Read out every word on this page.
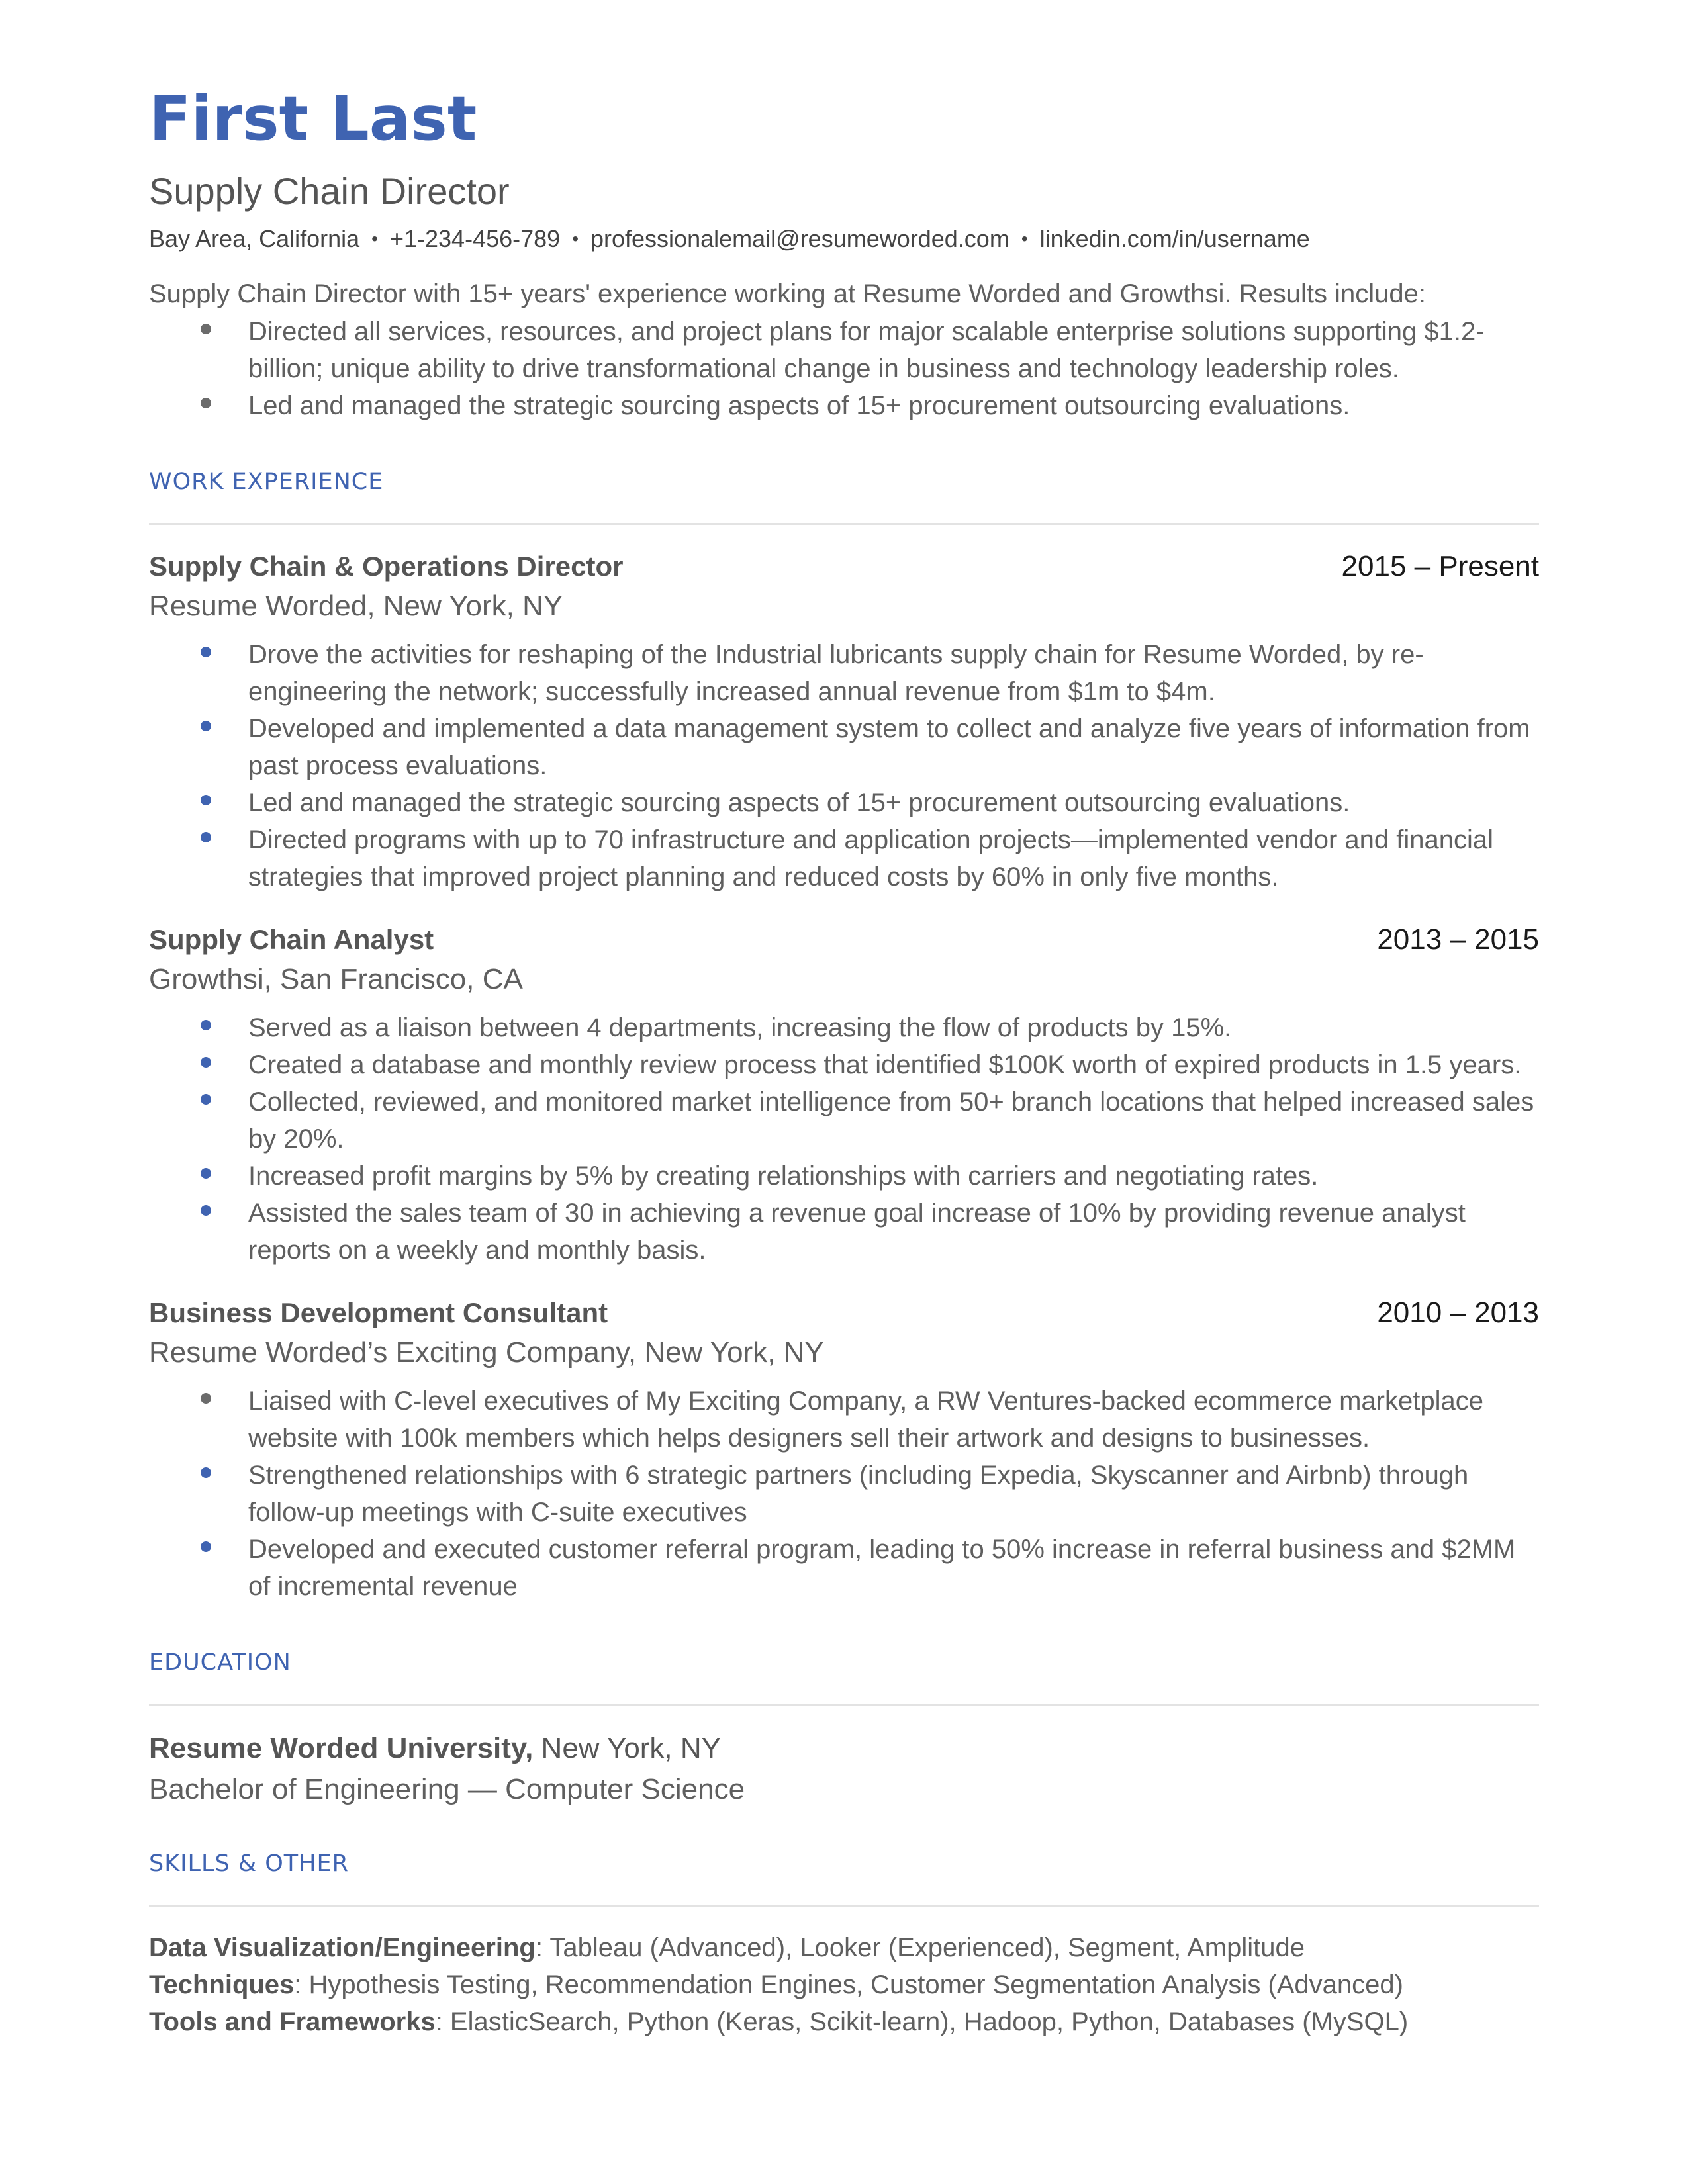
First Last
Supply Chain Director
Bay Area, California • +1-234-456-789 • professionalemail@resumeworded.com • linkedin.com/in/username
Supply Chain Director with 15+ years' experience working at Resume Worded and Growthsi. Results include:
Directed all services, resources, and project plans for major scalable enterprise solutions supporting $1.2-billion; unique ability to drive transformational change in business and technology leadership roles.
Led and managed the strategic sourcing aspects of 15+ procurement outsourcing evaluations.
WORK EXPERIENCE
Supply Chain & Operations Director	2015 – Present
Resume Worded, New York, NY
Drove the activities for reshaping of the Industrial lubricants supply chain for Resume Worded, by re-engineering the network; successfully increased annual revenue from $1m to $4m.
Developed and implemented a data management system to collect and analyze five years of information from past process evaluations.
Led and managed the strategic sourcing aspects of 15+ procurement outsourcing evaluations.
Directed programs with up to 70 infrastructure and application projects—implemented vendor and financial strategies that improved project planning and reduced costs by 60% in only five months.
Supply Chain Analyst	2013 – 2015
Growthsi, San Francisco, CA
Served as a liaison between 4 departments, increasing the flow of products by 15%.
Created a database and monthly review process that identified $100K worth of expired products in 1.5 years.
Collected, reviewed, and monitored market intelligence from 50+ branch locations that helped increased sales by 20%.
Increased profit margins by 5% by creating relationships with carriers and negotiating rates.
Assisted the sales team of 30 in achieving a revenue goal increase of 10% by providing revenue analyst reports on a weekly and monthly basis.
Business Development Consultant	2010 – 2013
Resume Worded’s Exciting Company, New York, NY
Liaised with C-level executives of My Exciting Company, a RW Ventures-backed ecommerce marketplace website with 100k members which helps designers sell their artwork and designs to businesses.
Strengthened relationships with 6 strategic partners (including Expedia, Skyscanner and Airbnb) through follow-up meetings with C-suite executives
Developed and executed customer referral program, leading to 50% increase in referral business and $2MM of incremental revenue
EDUCATION
Resume Worded University, New York, NY
Bachelor of Engineering — Computer Science
SKILLS & OTHER
Data Visualization/Engineering: Tableau (Advanced), Looker (Experienced), Segment, Amplitude
Techniques: Hypothesis Testing, Recommendation Engines, Customer Segmentation Analysis (Advanced)
Tools and Frameworks: ElasticSearch, Python (Keras, Scikit-learn), Hadoop, Python, Databases (MySQL)
